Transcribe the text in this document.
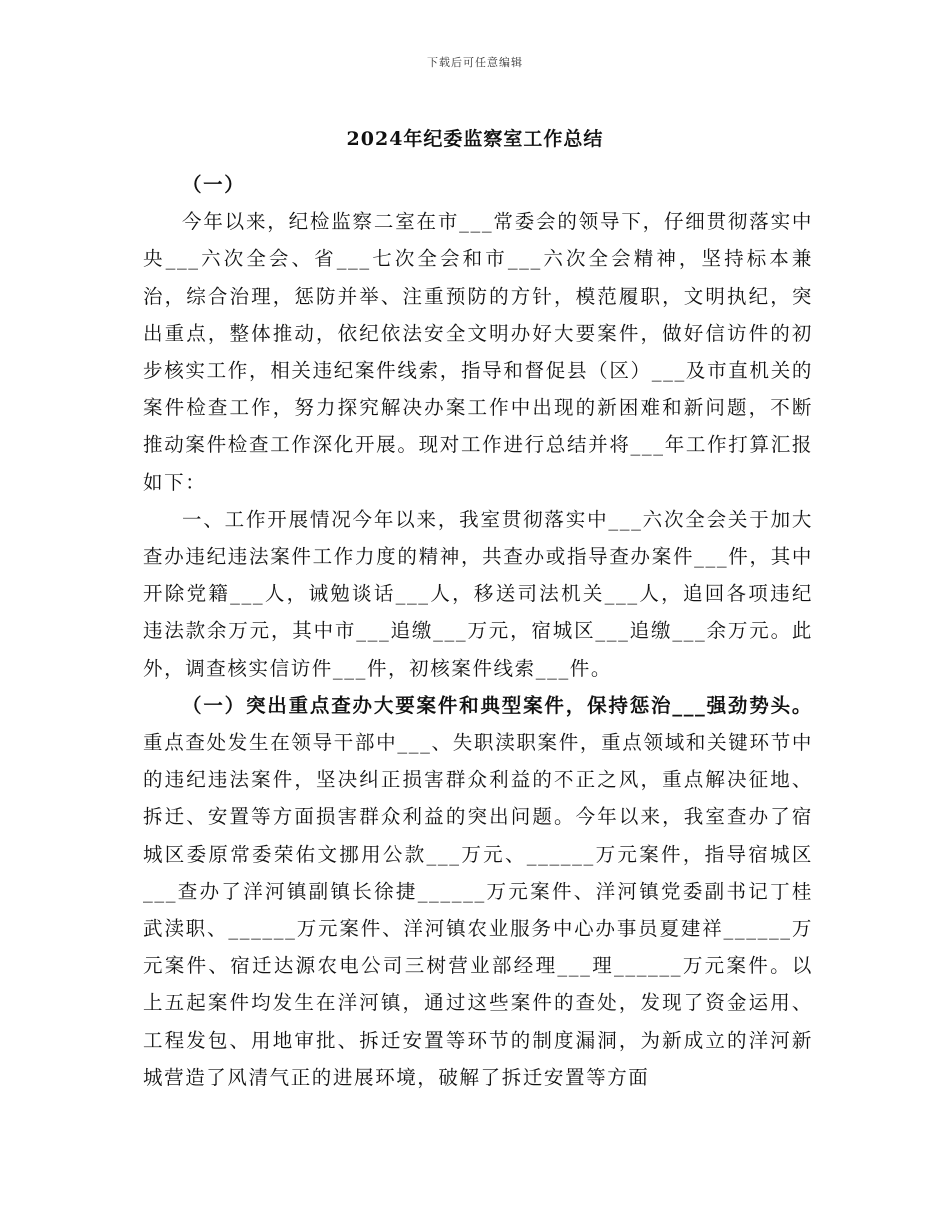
下载后可任意编辑
2024年纪委监察室工作总结

（一）

今年以来，纪检监察二室在市___常委会的领导下，仔细贯彻落实中央___六次全会、省___七次全会和市___六次全会精神，坚持标本兼治，综合治理，惩防并举、注重预防的方针，模范履职，文明执纪，突出重点，整体推动，依纪依法安全文明办好大要案件，做好信访件的初步核实工作，相关违纪案件线索，指导和督促县（区）___及市直机关的案件检查工作，努力探究解决办案工作中出现的新困难和新问题，不断推动案件检查工作深化开展。现对工作进行总结并将___年工作打算汇报如下：

一、工作开展情况今年以来，我室贯彻落实中___六次全会关于加大查办违纪违法案件工作力度的精神，共查办或指导查办案件___件，其中开除党籍___人，诫勉谈话___人，移送司法机关___人，追回各项违纪违法款余万元，其中市___追缴___万元，宿城区___追缴___余万元。此外，调查核实信访件___件，初核案件线索___件。

（一）突出重点查办大要案件和典型案件，保持惩治___强劲势头。重点查处发生在领导干部中___、失职渎职案件，重点领域和关键环节中的违纪违法案件，坚决纠正损害群众利益的不正之风，重点解决征地、拆迁、安置等方面损害群众利益的突出问题。今年以来，我室查办了宿城区委原常委荣佑文挪用公款___万元、______万元案件，指导宿城区___查办了洋河镇副镇长徐捷______万元案件、洋河镇党委副书记丁桂武渎职、______万元案件、洋河镇农业服务中心办事员夏建祥______万元案件、宿迁达源农电公司三树营业部经理___理______万元案件。以上五起案件均发生在洋河镇，通过这些案件的查处，发现了资金运用、工程发包、用地审批、拆迁安置等环节的制度漏洞，为新成立的洋河新城营造了风清气正的进展环境，破解了拆迁安置等方面
